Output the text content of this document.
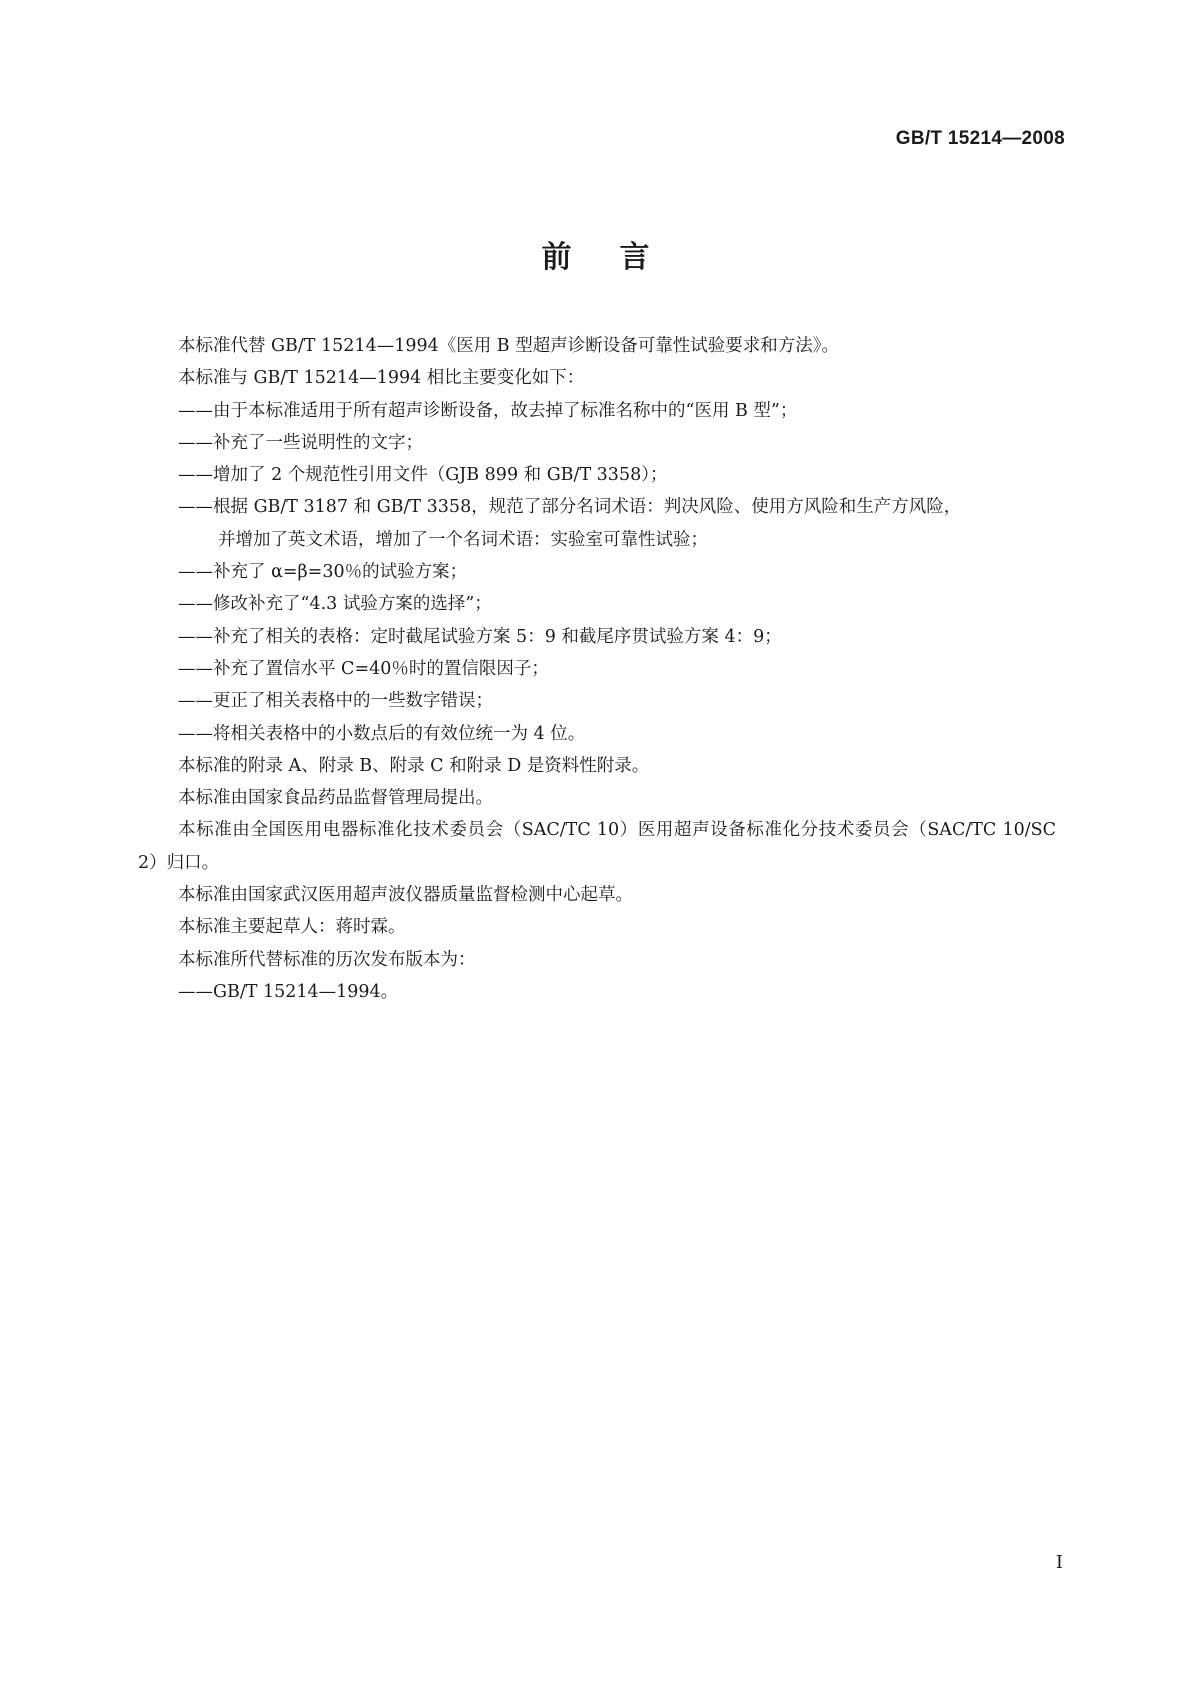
GB/T 15214—2008
前言

本标准代替 GB/T 15214—1994《医用 B 型超声诊断设备可靠性试验要求和方法》。

本标准与 GB/T 15214—1994 相比主要变化如下：

——由于本标准适用于所有超声诊断设备，故去掉了标准名称中的“医用 B 型”；

——补充了一些说明性的文字；

——增加了 2 个规范性引用文件（GJB 899 和 GB/T 3358）；

——根据 GB/T 3187 和 GB/T 3358，规范了部分名词术语：判决风险、使用方风险和生产方风险，
并增加了英文术语，增加了一个名词术语：实验室可靠性试验；

——补充了 α=β=30％的试验方案；

——修改补充了“4.3 试验方案的选择”；

——补充了相关的表格：定时截尾试验方案 5：9 和截尾序贯试验方案 4：9；

——补充了置信水平 C=40％时的置信限因子；

——更正了相关表格中的一些数字错误；

——将相关表格中的小数点后的有效位统一为 4 位。

本标准的附录 A、附录 B、附录 C 和附录 D 是资料性附录。

本标准由国家食品药品监督管理局提出。

本标准由全国医用电器标准化技术委员会（SAC/TC 10）医用超声设备标准化分技术委员会（SAC/TC 10/SC 2）归口。

本标准由国家武汉医用超声波仪器质量监督检测中心起草。

本标准主要起草人：蒋时霖。

本标准所代替标准的历次发布版本为：

——GB/T 15214—1994。

I
